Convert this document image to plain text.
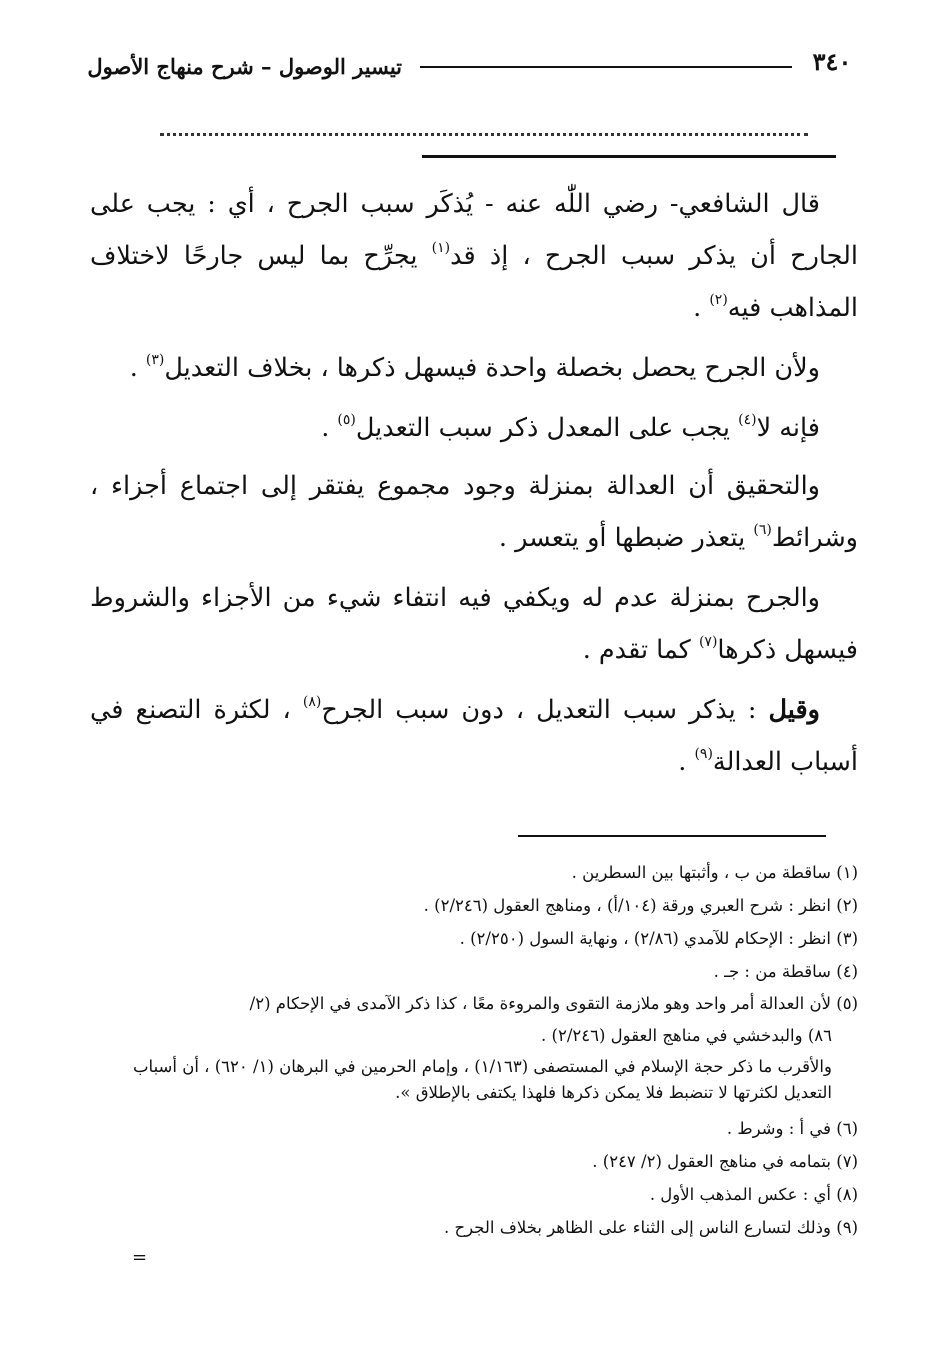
٣٤٠
تيسير الوصول – شرح منهاج الأصول

قال الشافعي- رضي اللّٰه عنه - يُذكَر سبب الجرح ، أي : يجب على الجارح أن يذكر سبب الجرح ، إذ قد$^{(١)}$ يجرِّح بما ليس جارحًا لاختلاف المذاهب فيه$^{(٢)}$ .

ولأن الجرح يحصل بخصلة واحدة فيسهل ذكرها ، بخلاف التعديل$^{(٣)}$ .

فإنه لا$^{(٤)}$ يجب على المعدل ذكر سبب التعديل$^{(٥)}$ .

والتحقيق أن العدالة بمنزلة وجود مجموع يفتقر إلى اجتماع أجزاء ، وشرائط$^{(٦)}$ يتعذر ضبطها أو يتعسر .

والجرح بمنزلة عدم له ويكفي فيه انتفاء شيء من الأجزاء والشروط فيسهل ذكرها$^{(٧)}$ كما تقدم .

وقيل : يذكر سبب التعديل ، دون سبب الجرح$^{(٨)}$ ، لكثرة التصنع في أسباب العدالة$^{(٩)}$ .

(١) ساقطة من ب ، وأثبتها بين السطرين .

(٢) انظر : شرح العبري ورقة (١٠٤/أ) ، ومناهج العقول (٢/٢٤٦) .

(٣) انظر : الإحكام للآمدي (٢/٨٦) ، ونهاية السول (٢/٢٥٠) .

(٤) ساقطة من : جـ .

(٥) لأن العدالة أمر واحد وهو ملازمة التقوى والمروءة معًا ، كذا ذكر الآمدى في الإحكام (٢/
٨٦) والبدخشي في مناهج العقول (٢/٢٤٦) .

والأقرب ما ذكر حجة الإسلام في المستصفى (١/١٦٣) ، وإمام الحرمين في البرهان (١/ ٦٢٠) ، أن أسباب التعديل لكثرتها لا تنضبط فلا يمكن ذكرها فلهذا يكتفى بالإطلاق ».

(٦) في أ : وشرط .

(٧) بتمامه في مناهج العقول (٢/ ٢٤٧) .

(٨) أي : عكس المذهب الأول .

(٩) وذلك لتسارع الناس إلى الثناء على الظاهر بخلاف الجرح .

=
